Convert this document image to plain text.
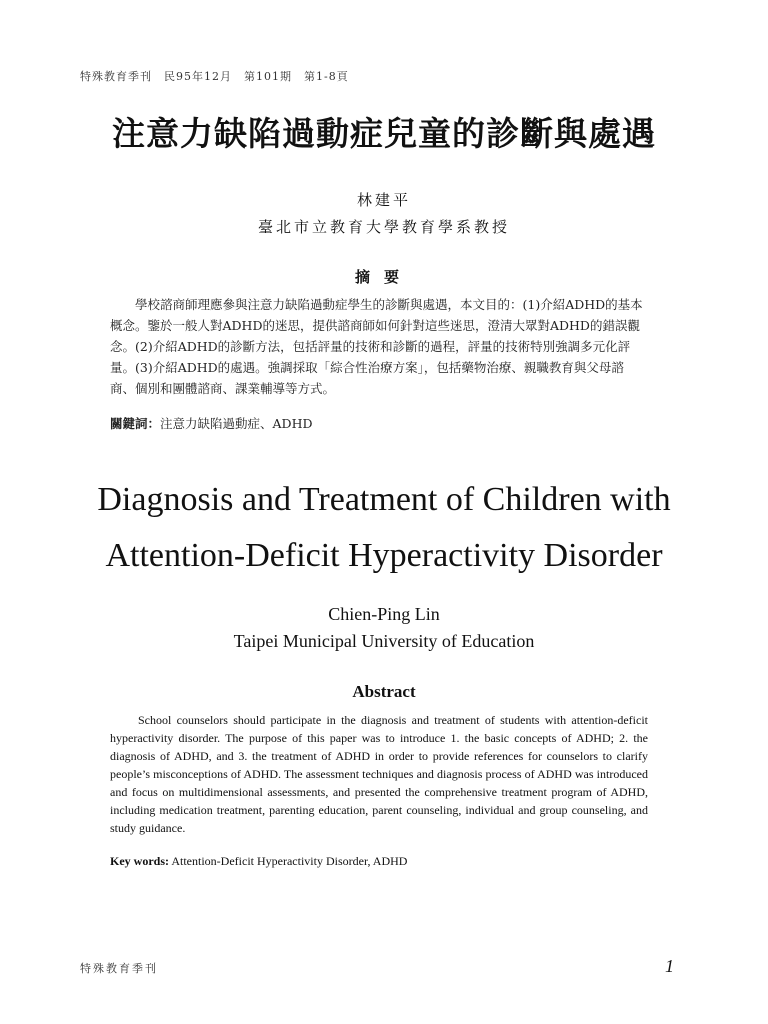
特殊教育季刊　民95年12月　第101期　第1-8頁
注意力缺陷過動症兒童的診斷與處遇
林建平
臺北市立教育大學教育學系教授
摘要

學校諮商師理應參與注意力缺陷過動症學生的診斷與處遇，本文目的：(1)介紹ADHD的基本概念。鑒於一般人對ADHD的迷思，提供諮商師如何針對這些迷思，澄清大眾對ADHD的錯誤觀念。(2)介紹ADHD的診斷方法，包括評量的技術和診斷的過程，評量的技術特別強調多元化評量。(3)介紹ADHD的處遇。強調採取「綜合性治療方案」，包括藥物治療、親職教育與父母諮商、個別和團體諮商、課業輔導等方式。

關鍵詞：注意力缺陷過動症、ADHD
Diagnosis and Treatment of Children with
Attention-Deficit Hyperactivity Disorder
Chien-Ping Lin
Taipei Municipal University of Education
Abstract

School counselors should participate in the diagnosis and treatment of students with attention-deficit hyperactivity disorder. The purpose of this paper was to introduce 1. the basic concepts of ADHD; 2. the diagnosis of ADHD, and 3. the treatment of ADHD in order to provide references for counselors to clarify people’s misconceptions of ADHD. The assessment techniques and diagnosis process of ADHD was introduced and focus on multidimensional assessments, and presented the comprehensive treatment program of ADHD, including medication treatment, parenting education, parent counseling, individual and group counseling, and study guidance.

Key words: Attention-Deficit Hyperactivity Disorder, ADHD
特殊教育季刊	1
